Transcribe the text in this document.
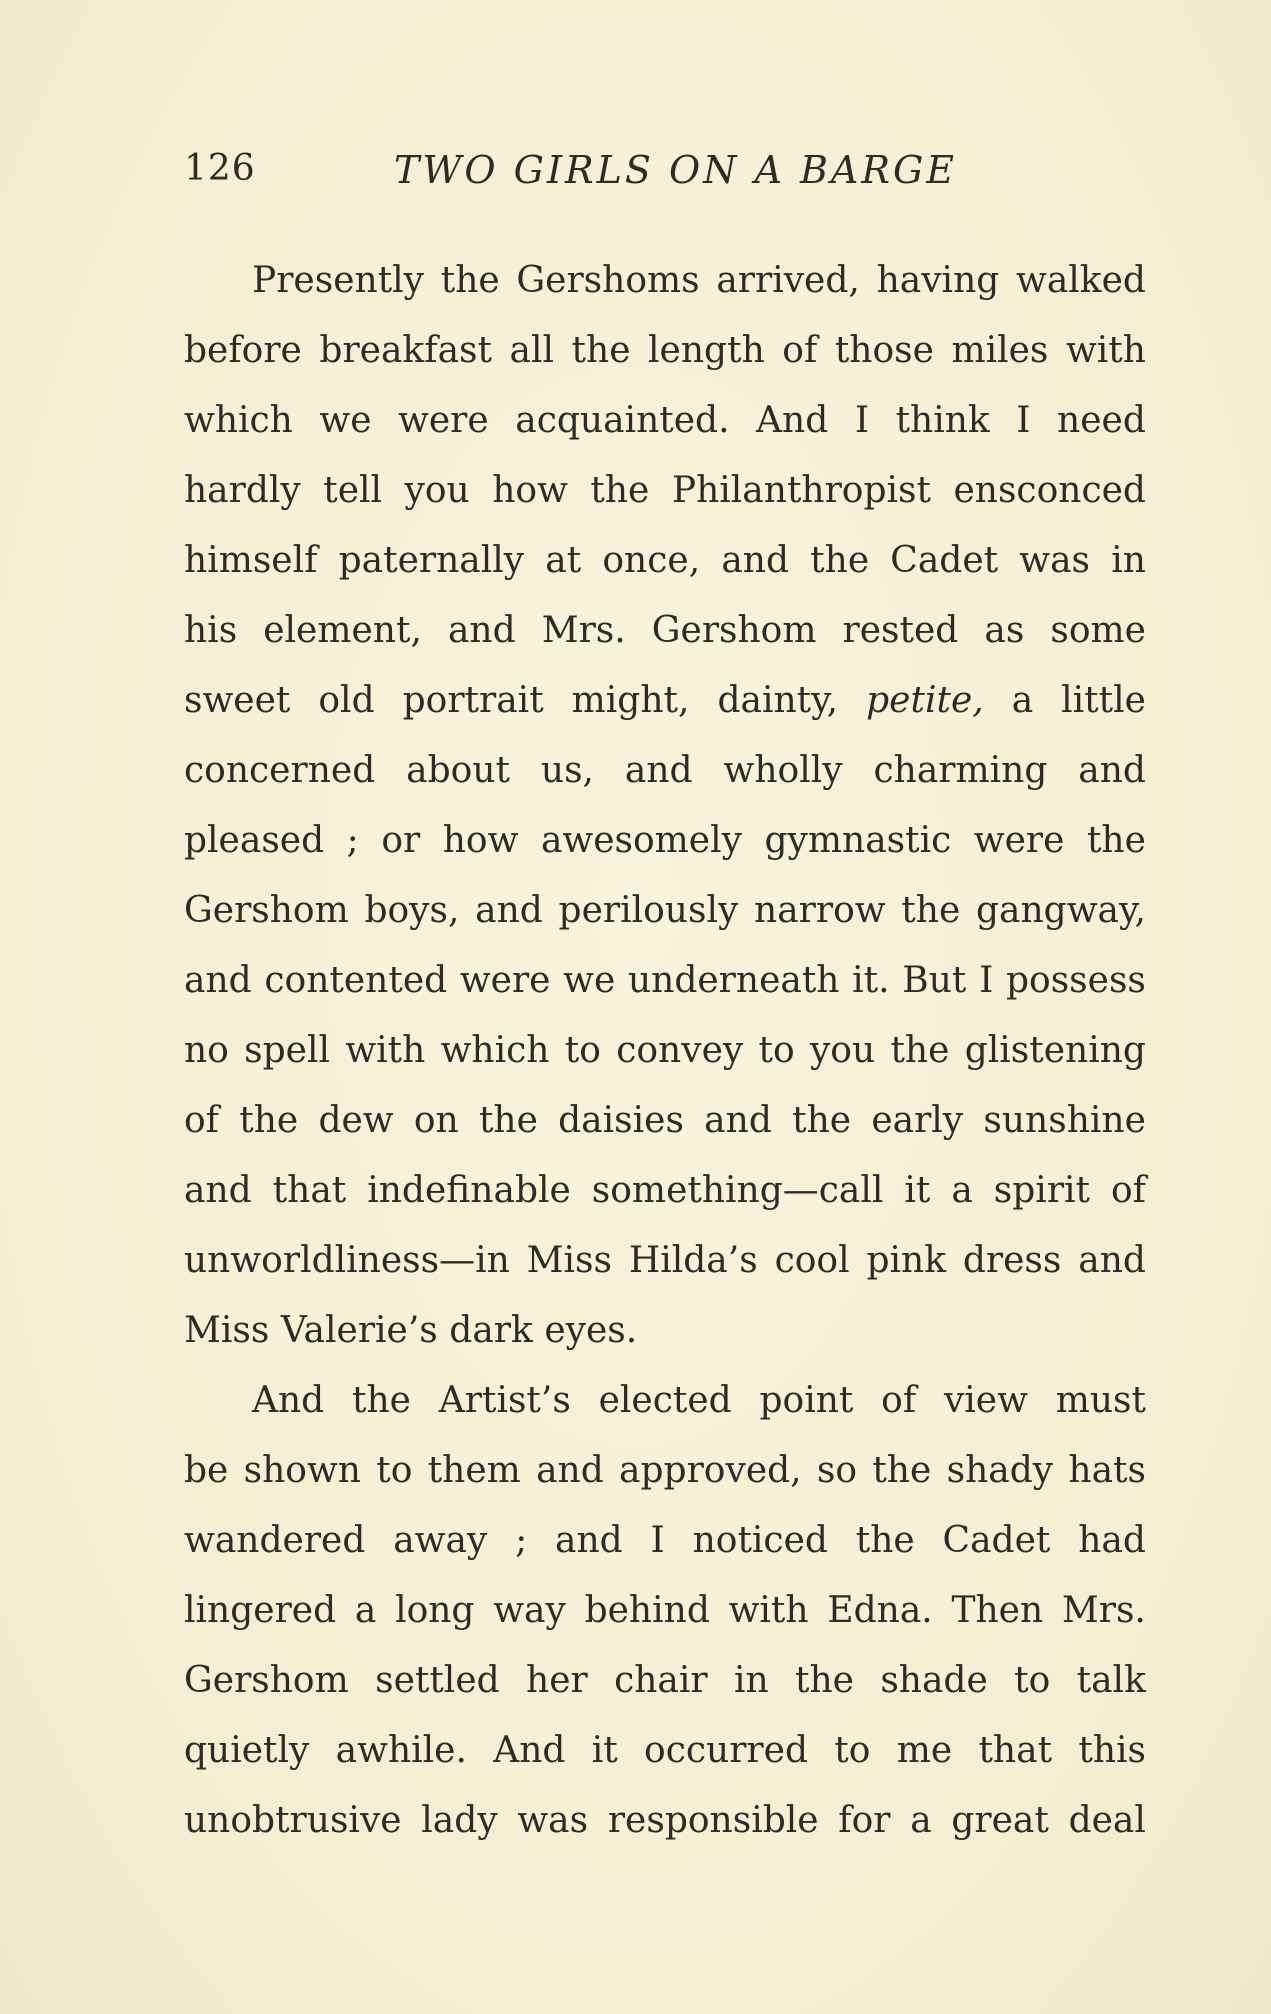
126	TWO GIRLS ON A BARGE
Presently the Gershoms arrived, having walked
before breakfast all the length of those miles with
which we were acquainted. And I think I need
hardly tell you how the Philanthropist ensconced
himself paternally at once, and the Cadet was in
his element, and Mrs. Gershom rested as some
sweet old portrait might, dainty, petite, a little
concerned about us, and wholly charming and
pleased ; or how awesomely gymnastic were the
Gershom boys, and perilously narrow the gangway,
and contented were we underneath it. But I possess
no spell with which to convey to you the glistening
of the dew on the daisies and the early sunshine
and that indefinable something—call it a spirit of
unworldliness—in Miss Hilda’s cool pink dress and
Miss Valerie’s dark eyes.
And the Artist’s elected point of view must
be shown to them and approved, so the shady hats
wandered away ; and I noticed the Cadet had
lingered a long way behind with Edna. Then Mrs.
Gershom settled her chair in the shade to talk
quietly awhile. And it occurred to me that this
unobtrusive lady was responsible for a great deal
